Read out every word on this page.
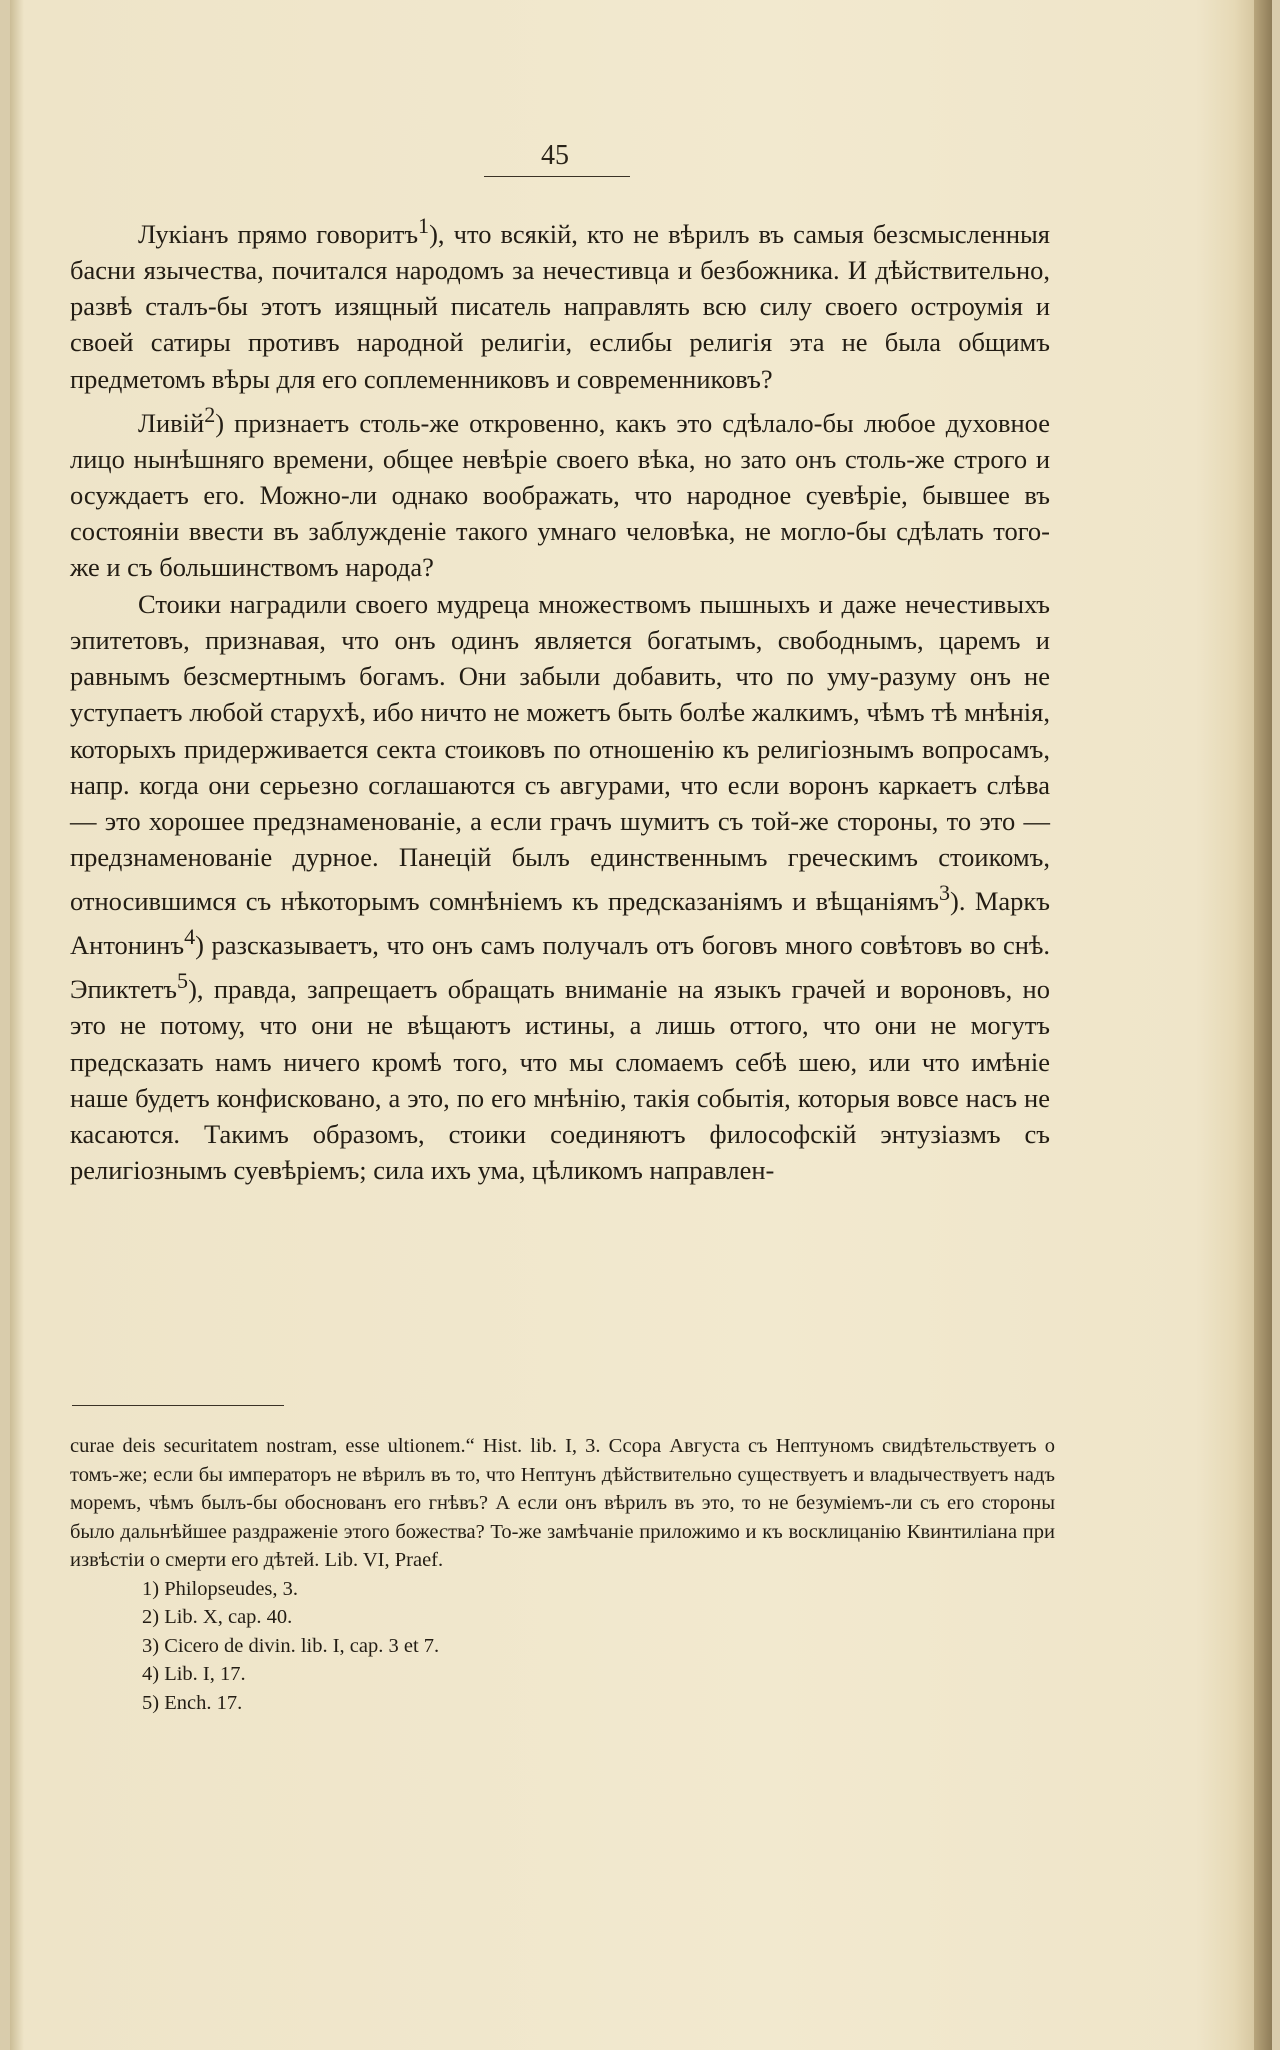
45

Лукіанъ прямо говоритъ$^1$), что всякій, кто не вѣрилъ въ самыя безсмысленныя басни язычества, почитался народомъ за нечестивца и безбожника. И дѣйствительно, развѣ сталъ-бы этотъ изящный писатель направлять всю силу своего остроумія и своей сатиры противъ народной религіи, еслибы религія эта не была общимъ предметомъ вѣры для его соплеменниковъ и современниковъ?

Ливій$^2$) признаетъ столь-же откровенно, какъ это сдѣлало-бы любое духовное лицо нынѣшняго времени, общее невѣріе своего вѣка, но зато онъ столь-же строго и осуждаетъ его. Можно-ли однако воображать, что народное суевѣріе, бывшее въ состояніи ввести въ заблужденіе такого умнаго человѣка, не могло-бы сдѣлать того-же и съ большинствомъ народа?

Стоики наградили своего мудреца множествомъ пышныхъ и даже нечестивыхъ эпитетовъ, признавая, что онъ одинъ является богатымъ, свободнымъ, царемъ и равнымъ безсмертнымъ богамъ. Они забыли добавить, что по уму-разуму онъ не уступаетъ любой старухѣ, ибо ничто не можетъ быть болѣе жалкимъ, чѣмъ тѣ мнѣнія, которыхъ придерживается секта стоиковъ по отношенію къ религіознымъ вопросамъ, напр. когда они серьезно соглашаются съ авгурами, что если воронъ каркаетъ слѣва — это хорошее предзнаменованіе, а если грачъ шумитъ съ той-же стороны, то это — предзнаменованіе дурное. Панецій былъ единственнымъ греческимъ стоикомъ, относившимся съ нѣкоторымъ сомнѣніемъ къ предсказаніямъ и вѣщаніямъ$^3$). Маркъ Антонинъ$^4$) разсказываетъ, что онъ самъ получалъ отъ боговъ много совѣтовъ во снѣ. Эпиктетъ$^5$), правда, запрещаетъ обращать вниманіе на языкъ грачей и вороновъ, но это не потому, что они не вѣщаютъ истины, а лишь оттого, что они не могутъ предсказать намъ ничего кромѣ того, что мы сломаемъ себѣ шею, или что имѣніе наше будетъ конфисковано, а это, по его мнѣнію, такія событія, которыя вовсе насъ не касаются. Такимъ образомъ, стоики соединяютъ философскій энтузіазмъ съ религіознымъ суевѣріемъ; сила ихъ ума, цѣликомъ направлен-

curae deis securitatem nostram, esse ultionem.“ Hist. lib. I, 3. Ссора Августа съ Нептуномъ свидѣтельствуетъ о томъ-же; если бы императоръ не вѣрилъ въ то, что Нептунъ дѣйствительно существуетъ и владычествуетъ надъ моремъ, чѣмъ былъ-бы обоснованъ его гнѣвъ? А если онъ вѣрилъ въ это, то не безуміемъ-ли съ его стороны было дальнѣйшее раздраженіе этого божества? То-же замѣчаніе приложимо и къ восклицанію Квинтиліана при извѣстіи о смерти его дѣтей. Lib. VI, Praef.

1) Philopseudes, 3.
2) Lib. X, cap. 40.
3) Cicero de divin. lib. I, cap. 3 et 7.
4) Lib. I, 17.
5) Ench. 17.
